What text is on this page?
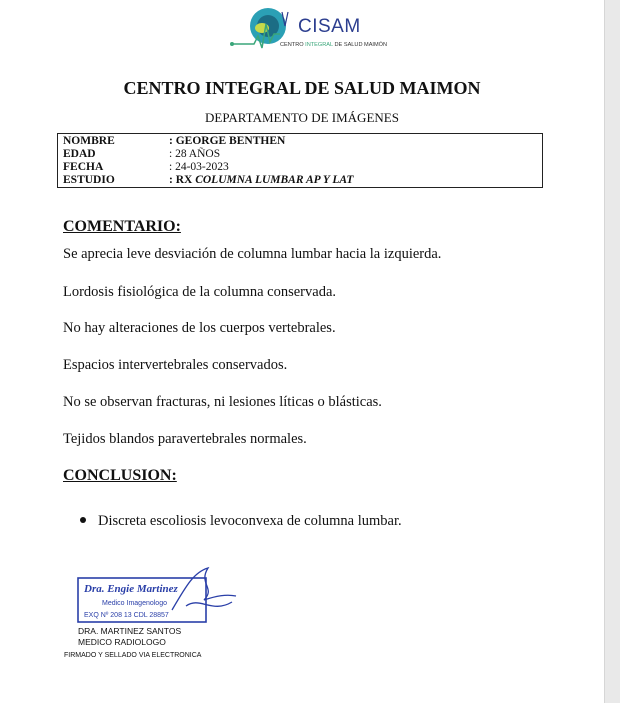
CISAM
CENTRO INTEGRAL DE SALUD MAIMÓN
CENTRO INTEGRAL DE SALUD MAIMON
DEPARTAMENTO DE IMÁGENES
NOMBRE	: GEORGE BENTHEN
EDAD	: 28 AÑOS
FECHA	: 24-03-2023
ESTUDIO	: RX COLUMNA LUMBAR AP Y LAT
COMENTARIO:
Se aprecia leve desviación de columna lumbar hacia la izquierda.
Lordosis fisiológica de la columna conservada.
No hay alteraciones de los cuerpos vertebrales.
Espacios intervertebrales conservados.
No se observan fracturas, ni lesiones líticas o blásticas.
Tejidos blandos paravertebrales normales.
CONCLUSION:
Discreta escoliosis levoconvexa de columna lumbar.
Dra. Engie Martinez
Medico Imagenologo
EXQ Nº 208 13 CDL 28857
DRA. MARTINEZ SANTOS
MEDICO RADIOLOGO
FIRMADO Y SELLADO VIA ELECTRONICA
